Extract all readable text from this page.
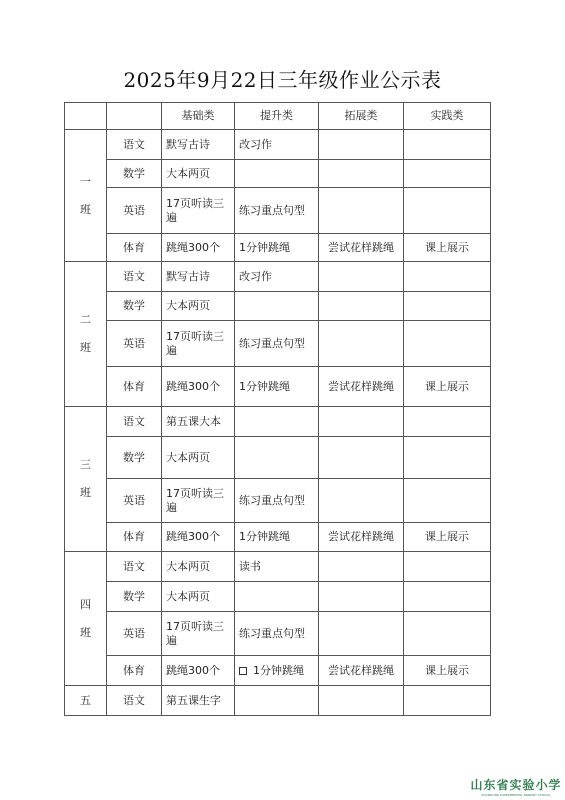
2025年9月22日三年级作业公示表
		基础类	提升类	拓展类	实践类
一

班	语文	默写古诗	改习作		
	数学	大本两页			
	英语	17页听读三遍	练习重点句型		
	体育	跳绳300个	1分钟跳绳	尝试花样跳绳	课上展示
二

班	语文	默写古诗	改习作		
	数学	大本两页			
	英语	17页听读三遍	练习重点句型		
	体育	跳绳300个	1分钟跳绳	尝试花样跳绳	课上展示
三

班	语文	第五课大本			
	数学	大本两页			
	英语	17页听读三遍	练习重点句型		
	体育	跳绳300个	1分钟跳绳	尝试花样跳绳	课上展示
四

班	语文	大本两页	读书		
	数学	大本两页			
	英语	17页听读三遍	练习重点句型		
	体育	跳绳300个	1分钟跳绳	尝试花样跳绳	课上展示
五	语文	第五课生字			
山东省实验小学
SHANDONG EXPERIMENTAL PRIMARY SCHOOL
